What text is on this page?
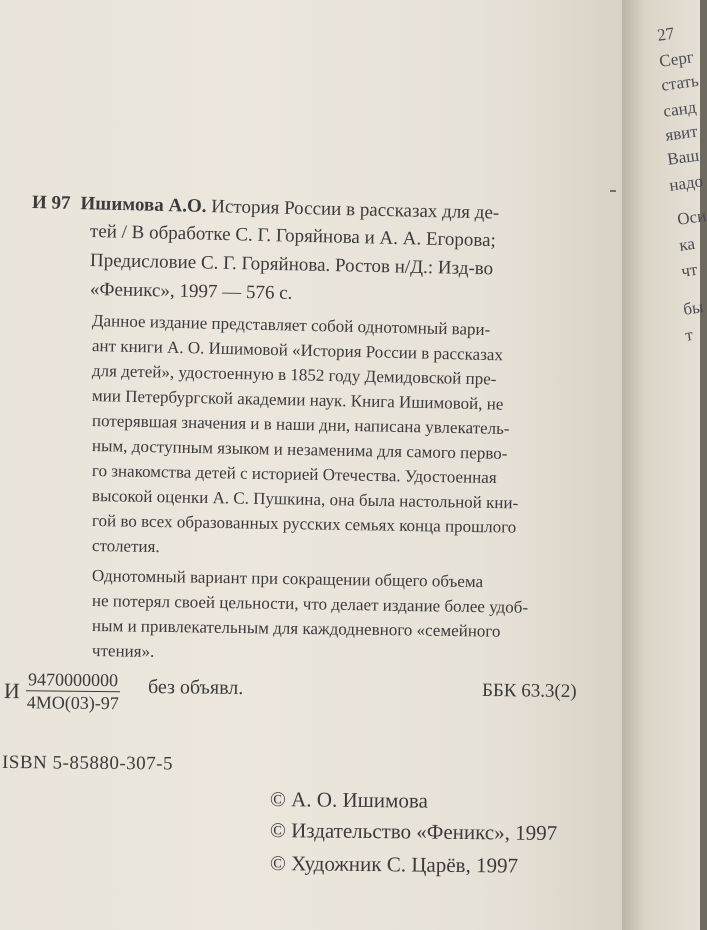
И 97 Ишимова А.О. История России в рассказах для де-
тей / В обработке С. Г. Горяйнова и А. А. Егорова;
Предисловие С. Г. Горяйнова. Ростов н/Д.: Изд-во
«Феникс», 1997 — 576 с.
Данное издание представляет собой однотомный вари-
ант книги А. О. Ишимовой «История России в рассказах
для детей», удостоенную в 1852 году Демидовской пре-
мии Петербургской академии наук. Книга Ишимовой, не
потерявшая значения и в наши дни, написана увлекатель-
ным, доступным языком и незаменима для самого перво-
го знакомства детей с историей Отечества. Удостоенная
высокой оценки А. С. Пушкина, она была настольной кни-
гой во всех образованных русских семьях конца прошлого
столетия.
Однотомный вариант при сокращении общего объема
не потерял своей цельности, что делает издание более удоб-
ным и привлекательным для каждодневного «семейного
чтения».
И $\frac{9470000000}{4МО(03)-97}$ без объявл.	ББК 63.3(2)
ISBN 5-85880-307-5
© А. О. Ишимова
© Издательство «Феникс», 1997
© Художник С. Царёв, 1997
27
Серг
стать
санд
явит
Ваш
надо
Оси
ка
чт
бы
т
